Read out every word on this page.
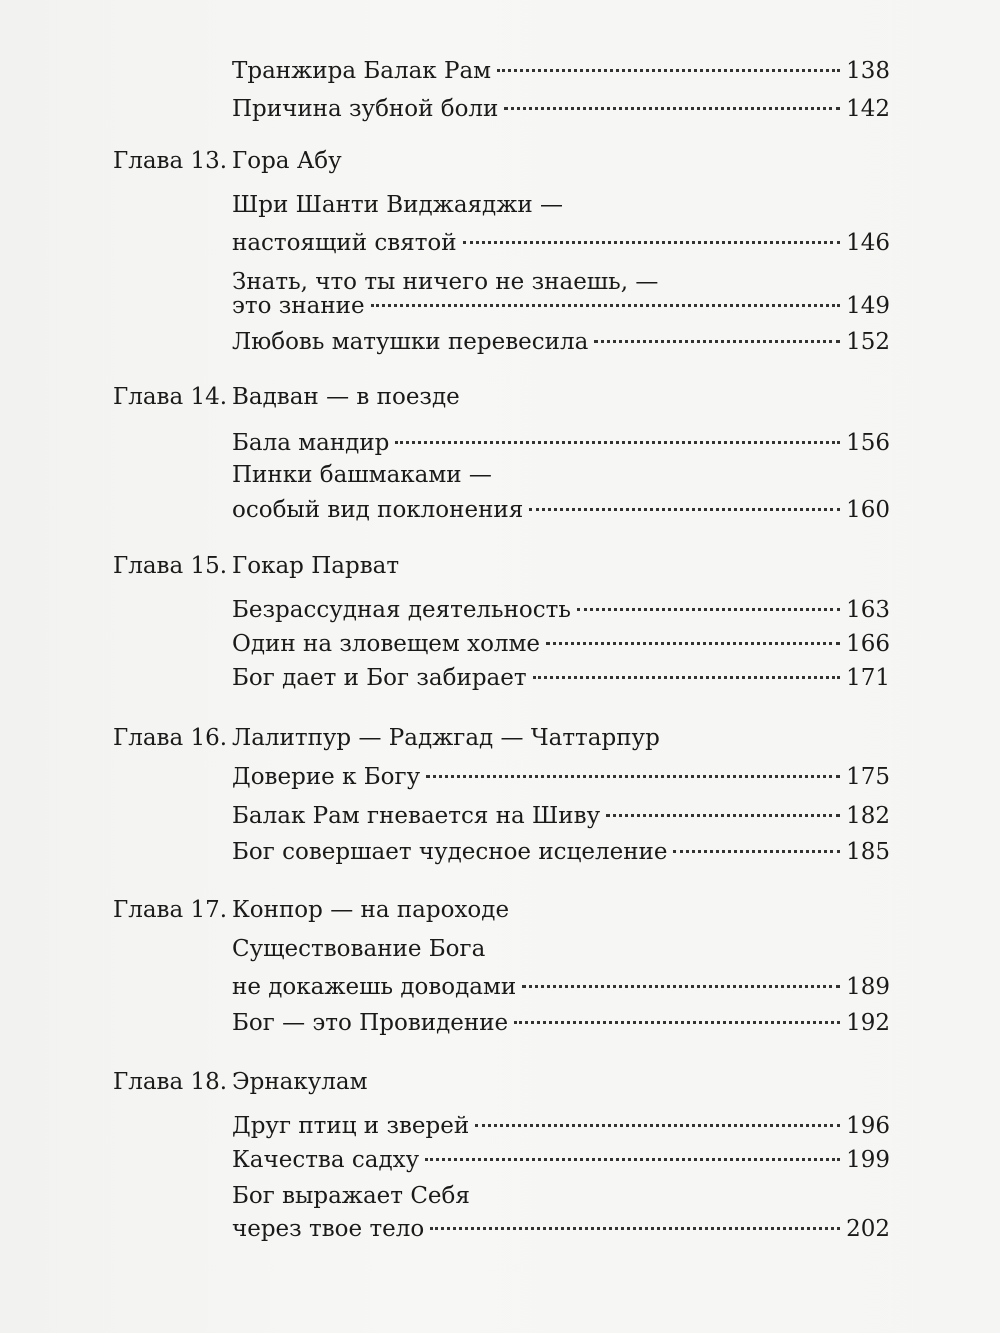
Транжира Балак Рам	138
Причина зубной боли	142
Глава 13. Гора Абу
Шри Шанти Виджаяджи —
настоящий святой	146
Знать, что ты ничего не знаешь, —
это знание	149
Любовь матушки перевесила	152
Глава 14. Вадван — в поезде
Бала мандир	156
Пинки башмаками —
особый вид поклонения	160
Глава 15. Гокар Парват
Безрассудная деятельность	163
Один на зловещем холме	166
Бог дает и Бог забирает	171
Глава 16. Лалитпур — Раджгад — Чаттарпур
Доверие к Богу	175
Балак Рам гневается на Шиву	182
Бог совершает чудесное исцеление	185
Глава 17. Конпор — на пароходе
Существование Бога
не докажешь доводами	189
Бог — это Провидение	192
Глава 18. Эрнакулам
Друг птиц и зверей	196
Качества садху	199
Бог выражает Себя
через твое тело	202
